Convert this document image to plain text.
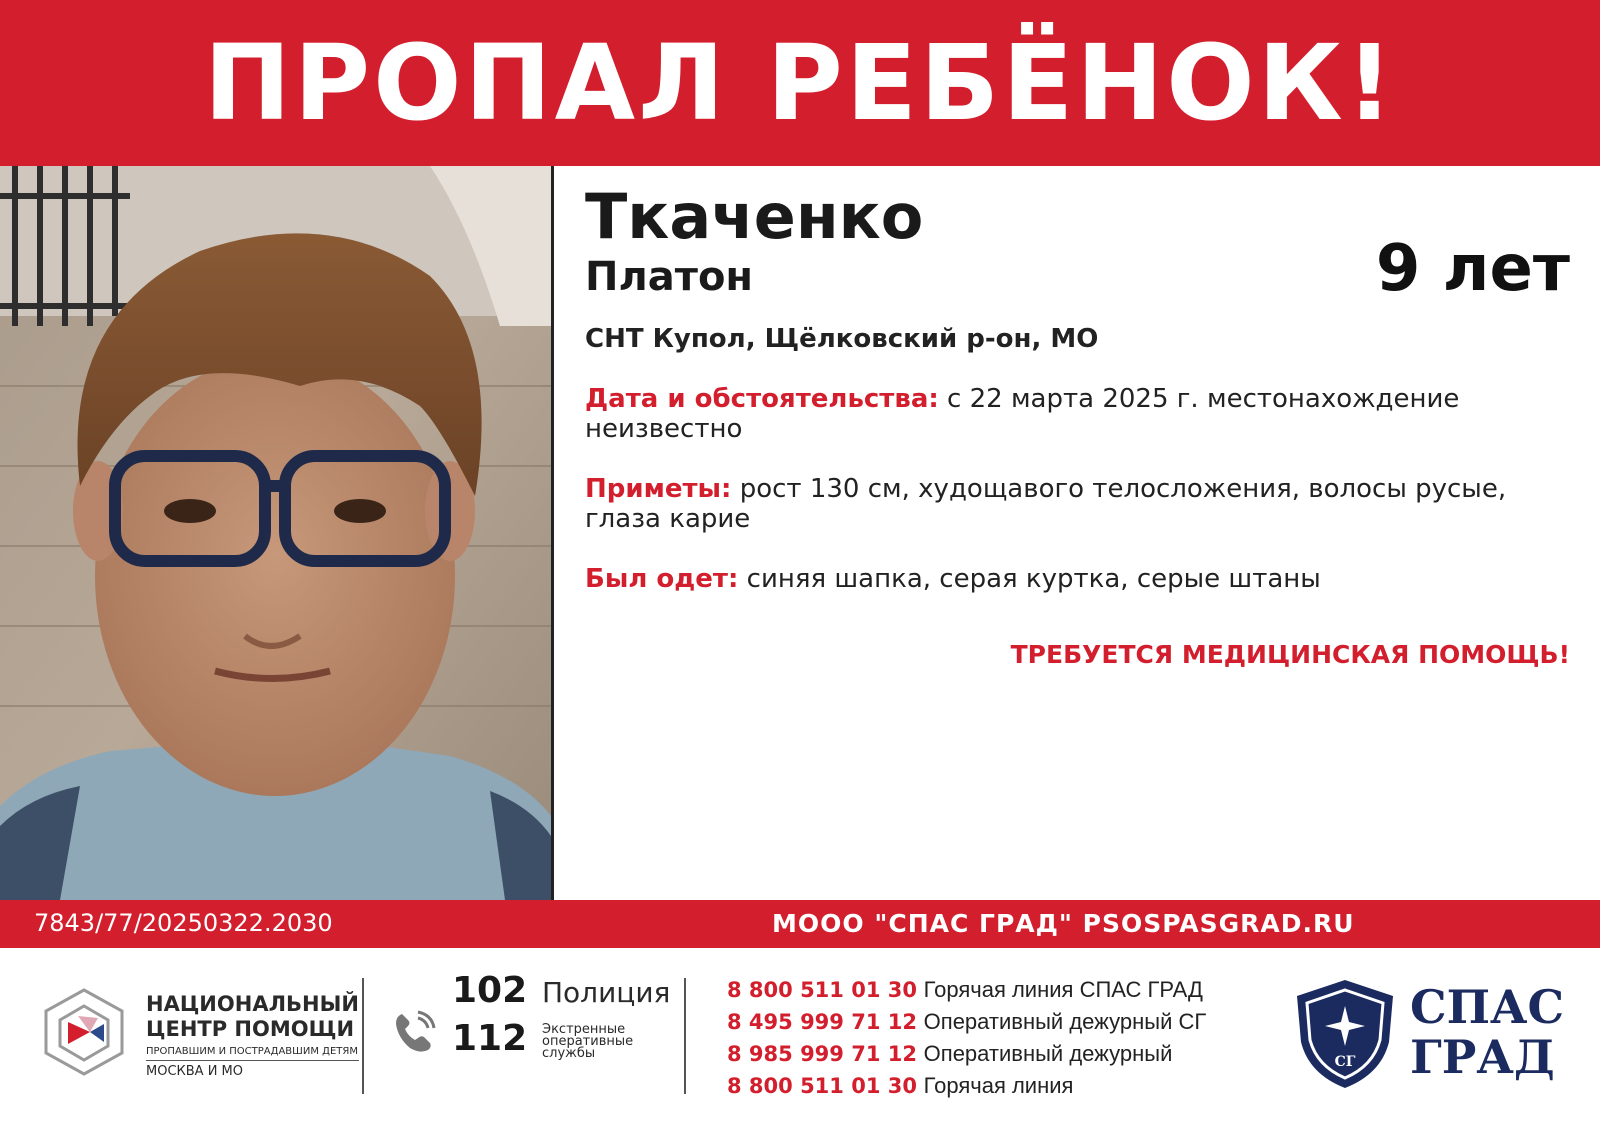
ПРОПАЛ РЕБЁНОК!
Ткаченко
Платон	9 лет
СНТ Купол, Щёлковский р-он, МО
Дата и обстоятельства: с 22 марта 2025 г. местонахождение
неизвестно
Приметы: рост 130 см, худощавого телосложения, волосы русые,
глаза карие
Был одет: синяя шапка, серая куртка, серые штаны
ТРЕБУЕТСЯ МЕДИЦИНСКАЯ ПОМОЩЬ!
7843/77/20250322.2030	МООО "СПАС ГРАД" PSOSPASGRAD.RU
НАЦИОНАЛЬНЫЙ
ЦЕНТР ПОМОЩИ
ПРОПАВШИМ И ПОСТРАДАВШИМ ДЕТЯМ
МОСКВА И МО
102 Полиция
112 Экстренные
оперативные
службы
8 800 511 01 30 Горячая линия СПАС ГРАД
8 495 999 71 12 Оперативный дежурный СГ
8 985 999 71 12 Оперативный дежурный
8 800 511 01 30 Горячая линия
СГ
СПАС
ГРАД
